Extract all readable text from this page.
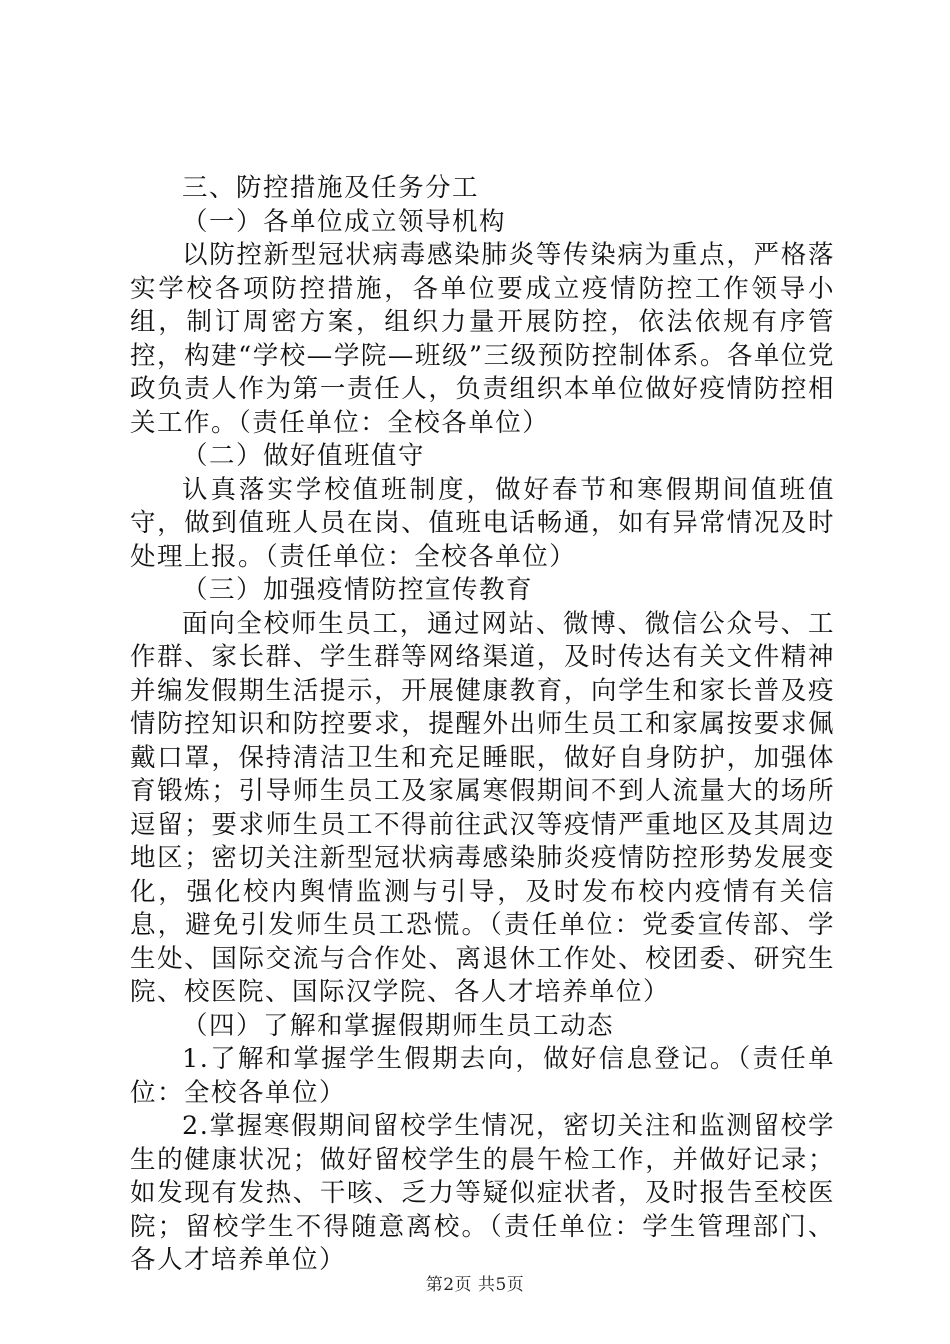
三、防控措施及任务分工

（一）各单位成立领导机构

以防控新型冠状病毒感染肺炎等传染病为重点，严格落实学校各项防控措施，各单位要成立疫情防控工作领导小组，制订周密方案，组织力量开展防控，依法依规有序管控，构建“学校—学院—班级”三级预防控制体系。各单位党政负责人作为第一责任人，负责组织本单位做好疫情防控相关工作。（责任单位：全校各单位）

（二）做好值班值守

认真落实学校值班制度，做好春节和寒假期间值班值守，做到值班人员在岗、值班电话畅通，如有异常情况及时处理上报。（责任单位：全校各单位）

（三）加强疫情防控宣传教育

面向全校师生员工，通过网站、微博、微信公众号、工作群、家长群、学生群等网络渠道，及时传达有关文件精神并编发假期生活提示，开展健康教育，向学生和家长普及疫情防控知识和防控要求，提醒外出师生员工和家属按要求佩戴口罩，保持清洁卫生和充足睡眠，做好自身防护，加强体育锻炼；引导师生员工及家属寒假期间不到人流量大的场所逗留；要求师生员工不得前往武汉等疫情严重地区及其周边地区；密切关注新型冠状病毒感染肺炎疫情防控形势发展变化，强化校内舆情监测与引导，及时发布校内疫情有关信息，避免引发师生员工恐慌。（责任单位：党委宣传部、学生处、国际交流与合作处、离退休工作处、校团委、研究生院、校医院、国际汉学院、各人才培养单位）

（四）了解和掌握假期师生员工动态

1.了解和掌握学生假期去向，做好信息登记。（责任单位：全校各单位）

2.掌握寒假期间留校学生情况，密切关注和监测留校学生的健康状况；做好留校学生的晨午检工作，并做好记录；如发现有发热、干咳、乏力等疑似症状者，及时报告至校医院；留校学生不得随意离校。（责任单位：学生管理部门、各人才培养单位）

第2页 共5页
